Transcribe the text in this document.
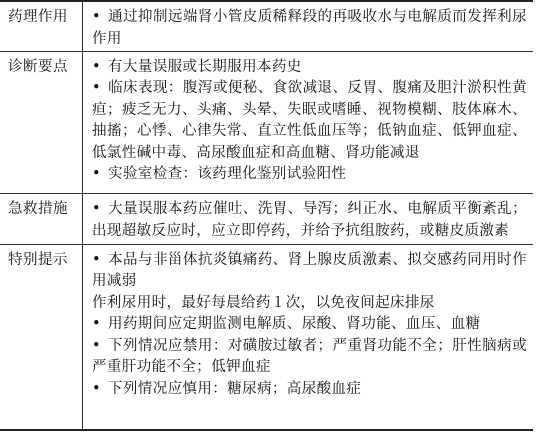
药理作用	• 通过抑制远端肾小管皮质稀释段的再吸收水与电解质而发挥利尿作用

诊断要点	• 有大量误服或长期服用本药史
• 临床表现：腹泻或便秘、食欲减退、反胃、腹痛及胆汁淤积性黄疸；疲乏无力、头痛、头晕、失眠或嗜睡、视物模糊、肢体麻木、抽搐；心悸、心律失常、直立性低血压等；低钠血症、低钾血症、低氯性碱中毒、高尿酸血症和高血糖、肾功能减退
• 实验室检查：该药理化鉴别试验阳性

急救措施	• 大量误服本药应催吐、洗胃、导泻；纠正水、电解质平衡紊乱；出现超敏反应时，应立即停药，并给予抗组胺药，或糖皮质激素

特别提示	• 本品与非甾体抗炎镇痛药、肾上腺皮质激素、拟交感药同用时作用减弱
作利尿用时，最好每晨给药１次，以免夜间起床排尿
• 用药期间应定期监测电解质、尿酸、肾功能、血压、血糖
• 下列情况应禁用：对磺胺过敏者；严重肾功能不全；肝性脑病或严重肝功能不全；低钾血症
• 下列情况应慎用：糖尿病；高尿酸血症
